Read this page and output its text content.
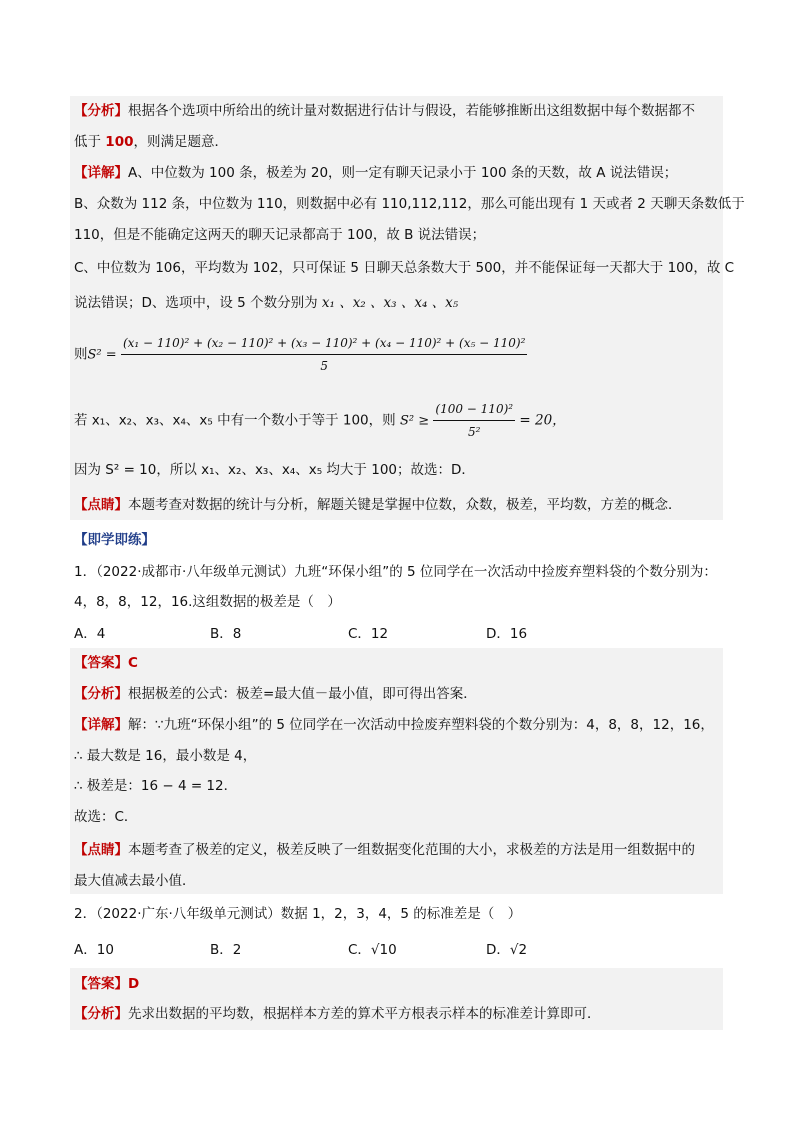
【分析】根据各个选项中所给出的统计量对数据进行估计与假设，若能够推断出这组数据中每个数据都不
低于 100，则满足题意．
【详解】A、中位数为 100 条，极差为 20，则一定有聊天记录小于 100 条的天数，故 A 说法错误；
B、众数为 112 条，中位数为 110，则数据中必有 110,112,112，那么可能出现有 1 天或者 2 天聊天条数低于
110，但是不能确定这两天的聊天记录都高于 100，故 B 说法错误；
C、中位数为 106，平均数为 102，只可保证 5 日聊天总条数大于 500，并不能保证每一天都大于 100，故 C
说法错误；D、选项中，设 5 个数分别为 x₁ 、x₂ 、x₃ 、x₄ 、x₅
则S² =
(x₁ − 110)² + (x₂ − 110)² + (x₃ − 110)² + (x₄ − 110)² + (x₅ − 110)²
5
若 x₁、x₂、x₃、x₄、x₅ 中有一个数小于等于 100，则 $S^2 \ge \frac{\text{(100 − 110)²}}{\text{5²}} = 20$，
因为 S² = 10，所以 x₁、x₂、x₃、x₄、x₅ 均大于 100；故选：D．
【点睛】本题考查对数据的统计与分析，解题关键是掌握中位数，众数，极差，平均数，方差的概念．
【即学即练】
1．（2022·成都市·八年级单元测试）九班“环保小组”的 5 位同学在一次活动中捡废弃塑料袋的个数分别为：
4，8，8，12，16.这组数据的极差是（　）
A．4	B．8	C．12	D．16
【答案】C
【分析】根据极差的公式：极差=最大值－最小值，即可得出答案．
【详解】解：∵九班“环保小组”的 5 位同学在一次活动中捡废弃塑料袋的个数分别为：4，8，8，12，16，
∴ 最大数是 16，最小数是 4，
∴ 极差是：16 − 4 = 12．
故选：C．
【点睛】本题考查了极差的定义，极差反映了一组数据变化范围的大小，求极差的方法是用一组数据中的
最大值减去最小值．
2．（2022·广东·八年级单元测试）数据 1，2，3，4，5 的标准差是（　）
A．10	B．2	C．√10	D．√2
【答案】D
【分析】先求出数据的平均数，根据样本方差的算术平方根表示样本的标准差计算即可．
